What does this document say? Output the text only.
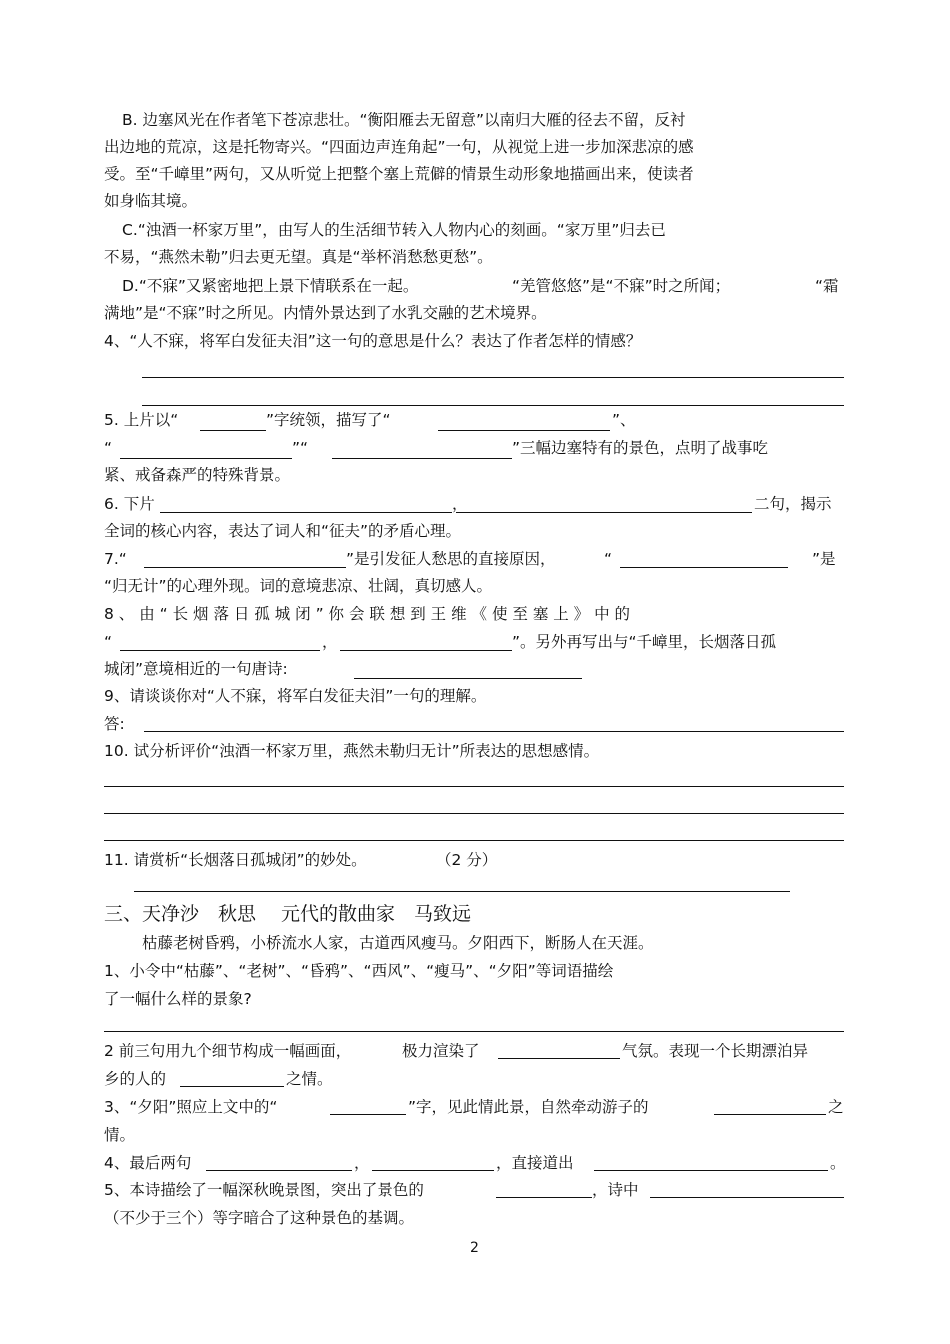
B. 边塞风光在作者笔下苍凉悲壮。“衡阳雁去无留意”以南归大雁的径去不留，反衬
出边地的荒凉，这是托物寄兴。“四面边声连角起”一句，从视觉上进一步加深悲凉的感
受。至“千嶂里”两句，又从听觉上把整个塞上荒僻的情景生动形象地描画出来，使读者
如身临其境。
C.“浊酒一杯家万里”，由写人的生活细节转入人物内心的刻画。“家万里”归去已
不易，“燕然未勒”归去更无望。真是“举杯消愁愁更愁”。
D.“不寐”又紧密地把上景下情联系在一起。	“羌管悠悠”是“不寐”时之所闻；	“霜
满地”是“不寐”时之所见。内情外景达到了水乳交融的艺术境界。
4、“人不寐，将军白发征夫泪”这一句的意思是什么？表达了作者怎样的情感？
5. 上片以“	”字统领，描写了“	”、
“	”“	”三幅边塞特有的景色，点明了战事吃
紧、戒备森严的特殊背景。
6. 下片	，	二句，揭示
全词的核心内容，表达了词人和“征夫”的矛盾心理。
7.“	”是引发征人愁思的直接原因，	“	”是
“归无计”的心理外现。词的意境悲凉、壮阔，真切感人。
8 、 由 “ 长 烟 落 日 孤 城 闭 ” 你 会 联 想 到 王 维 《 使 至 塞 上 》 中 的
“	，	”。另外再写出与“千嶂里，长烟落日孤
城闭”意境相近的一句唐诗:
9、请谈谈你对“人不寐，将军白发征夫泪”一句的理解。
答:
10. 试分析评价“浊酒一杯家万里，燕然未勒归无计”所表达的思想感情。
11. 请赏析“长烟落日孤城闭”的妙处。	（2 分）
三、天净沙　秋思　 元代的散曲家　马致远
枯藤老树昏鸦，小桥流水人家，古道西风瘦马。夕阳西下，断肠人在天涯。
1、小令中“枯藤”、“老树”、“昏鸦”、“西风”、“瘦马”、“夕阳”等词语描绘
了一幅什么样的景象?
2 前三句用九个细节构成一幅画面，	极力渲染了	气氛。表现一个长期漂泊异
乡的人的	之情。
3、“夕阳”照应上文中的“	”字，见此情此景，自然牵动游子的	之
情。
4、最后两句	，	，直接道出	。
5、本诗描绘了一幅深秋晚景图，突出了景色的	，诗中
（不少于三个）等字暗合了这种景色的基调。
2
